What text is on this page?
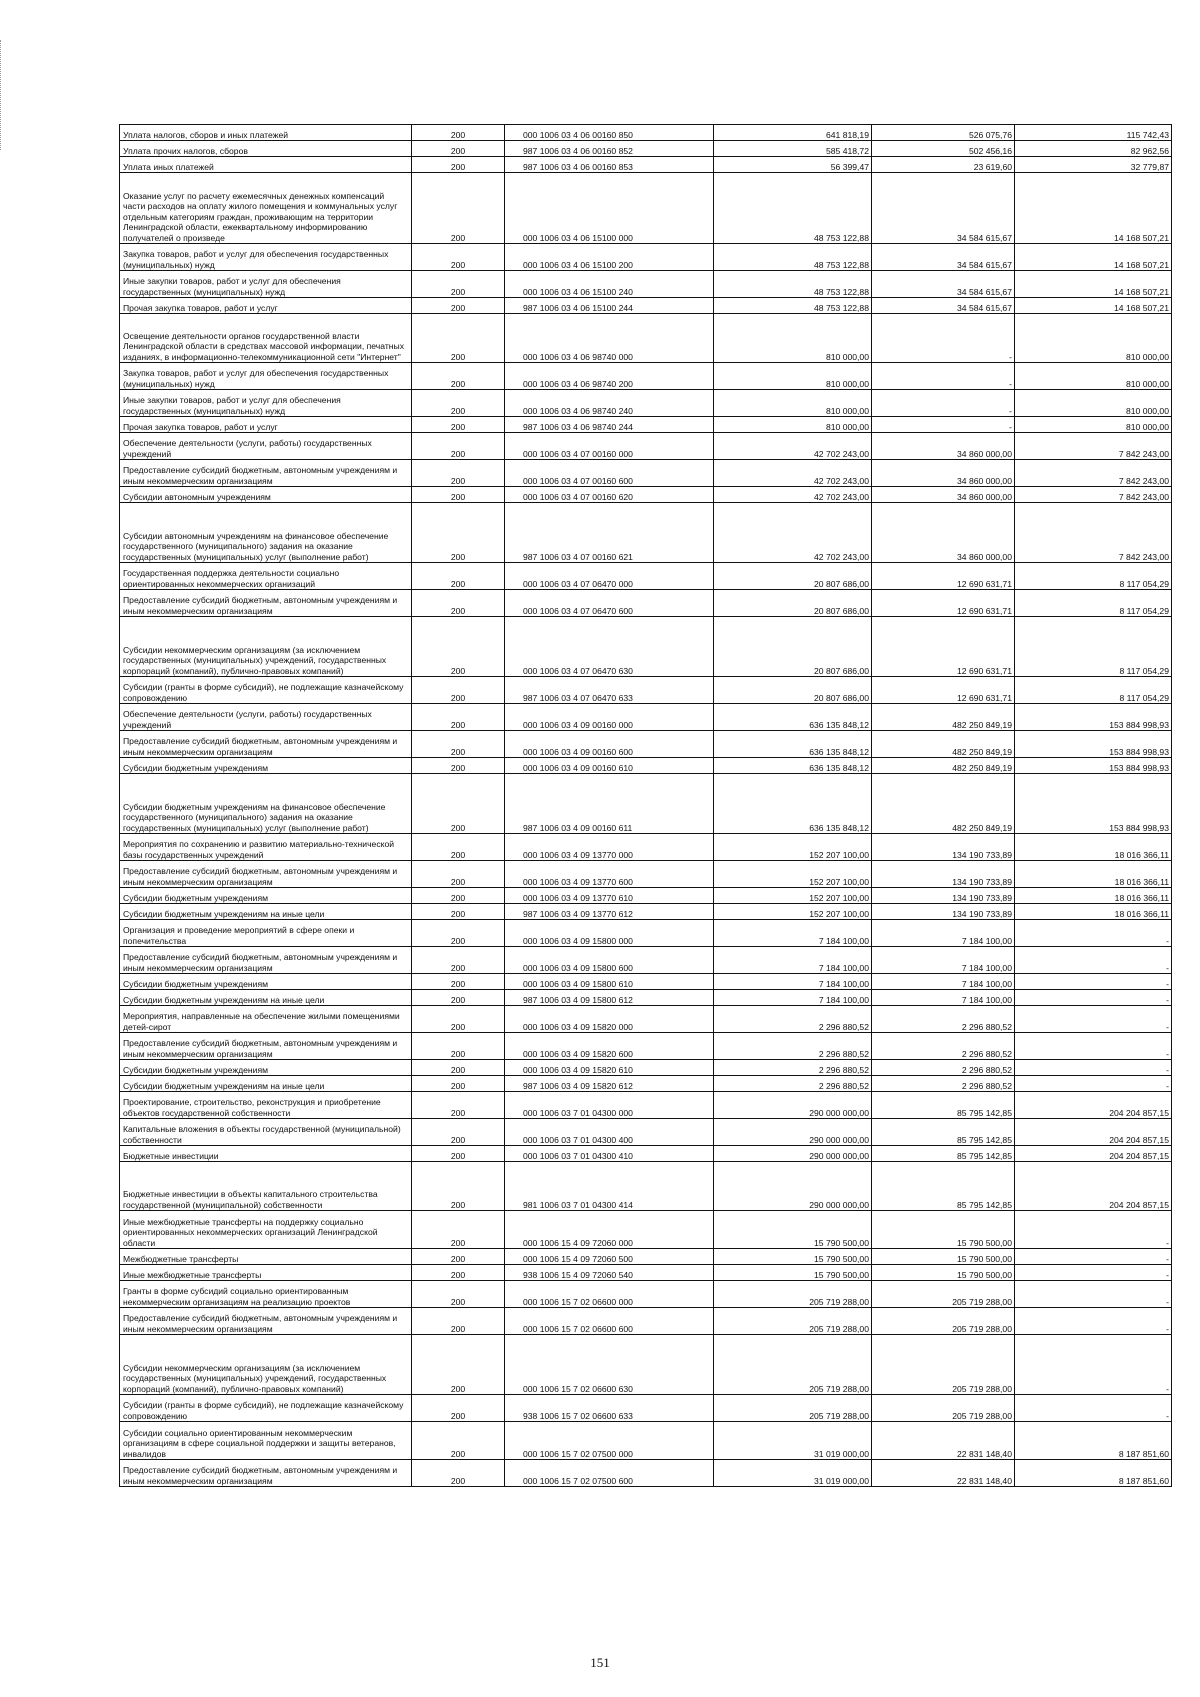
Уплата налогов, сборов и иных платежей	200	000 1006 03 4 06 00160 850	641 818,19	526 075,76	115 742,43
Уплата прочих налогов, сборов	200	987 1006 03 4 06 00160 852	585 418,72	502 456,16	82 962,56
Уплата иных платежей	200	987 1006 03 4 06 00160 853	56 399,47	23 619,60	32 779,87
Оказание услуг по расчету ежемесячных денежных компенсаций части расходов на оплату жилого помещения и коммунальных услуг отдельным категориям граждан, проживающим на территории Ленинградской области, ежеквартальному информированию получателей о произведе	200	000 1006 03 4 06 15100 000	48 753 122,88	34 584 615,67	14 168 507,21
Закупка товаров, работ и услуг для обеспечения государственных (муниципальных) нужд	200	000 1006 03 4 06 15100 200	48 753 122,88	34 584 615,67	14 168 507,21
Иные закупки товаров, работ и услуг для обеспечения государственных (муниципальных) нужд	200	000 1006 03 4 06 15100 240	48 753 122,88	34 584 615,67	14 168 507,21
Прочая закупка товаров, работ и услуг	200	987 1006 03 4 06 15100 244	48 753 122,88	34 584 615,67	14 168 507,21
Освещение деятельности органов государственной власти Ленинградской области в средствах массовой информации, печатных изданиях, в информационно-телекоммуникационной сети "Интернет"	200	000 1006 03 4 06 98740 000	810 000,00	-	810 000,00
Закупка товаров, работ и услуг для обеспечения государственных (муниципальных) нужд	200	000 1006 03 4 06 98740 200	810 000,00	-	810 000,00
Иные закупки товаров, работ и услуг для обеспечения государственных (муниципальных) нужд	200	000 1006 03 4 06 98740 240	810 000,00	-	810 000,00
Прочая закупка товаров, работ и услуг	200	987 1006 03 4 06 98740 244	810 000,00	-	810 000,00
Обеспечение деятельности (услуги, работы) государственных учреждений	200	000 1006 03 4 07 00160 000	42 702 243,00	34 860 000,00	7 842 243,00
Предоставление субсидий бюджетным, автономным учреждениям и иным некоммерческим организациям	200	000 1006 03 4 07 00160 600	42 702 243,00	34 860 000,00	7 842 243,00
Субсидии автономным учреждениям	200	000 1006 03 4 07 00160 620	42 702 243,00	34 860 000,00	7 842 243,00
Субсидии автономным учреждениям на финансовое обеспечение государственного (муниципального) задания на оказание государственных (муниципальных) услуг (выполнение работ)	200	987 1006 03 4 07 00160 621	42 702 243,00	34 860 000,00	7 842 243,00
Государственная поддержка деятельности социально ориентированных некоммерческих организаций	200	000 1006 03 4 07 06470 000	20 807 686,00	12 690 631,71	8 117 054,29
Предоставление субсидий бюджетным, автономным учреждениям и иным некоммерческим организациям	200	000 1006 03 4 07 06470 600	20 807 686,00	12 690 631,71	8 117 054,29
Субсидии некоммерческим организациям (за исключением государственных (муниципальных) учреждений, государственных корпораций (компаний), публично-правовых компаний)	200	000 1006 03 4 07 06470 630	20 807 686,00	12 690 631,71	8 117 054,29
Субсидии (гранты в форме субсидий), не подлежащие казначейскому сопровождению	200	987 1006 03 4 07 06470 633	20 807 686,00	12 690 631,71	8 117 054,29
Обеспечение деятельности (услуги, работы) государственных учреждений	200	000 1006 03 4 09 00160 000	636 135 848,12	482 250 849,19	153 884 998,93
Предоставление субсидий бюджетным, автономным учреждениям и иным некоммерческим организациям	200	000 1006 03 4 09 00160 600	636 135 848,12	482 250 849,19	153 884 998,93
Субсидии бюджетным учреждениям	200	000 1006 03 4 09 00160 610	636 135 848,12	482 250 849,19	153 884 998,93
Субсидии бюджетным учреждениям на финансовое обеспечение государственного (муниципального) задания на оказание государственных (муниципальных) услуг (выполнение работ)	200	987 1006 03 4 09 00160 611	636 135 848,12	482 250 849,19	153 884 998,93
Мероприятия по сохранению и развитию материально-технической базы государственных учреждений	200	000 1006 03 4 09 13770 000	152 207 100,00	134 190 733,89	18 016 366,11
Предоставление субсидий бюджетным, автономным учреждениям и иным некоммерческим организациям	200	000 1006 03 4 09 13770 600	152 207 100,00	134 190 733,89	18 016 366,11
Субсидии бюджетным учреждениям	200	000 1006 03 4 09 13770 610	152 207 100,00	134 190 733,89	18 016 366,11
Субсидии бюджетным учреждениям на иные цели	200	987 1006 03 4 09 13770 612	152 207 100,00	134 190 733,89	18 016 366,11
Организация и проведение мероприятий в сфере опеки и попечительства	200	000 1006 03 4 09 15800 000	7 184 100,00	7 184 100,00	-
Предоставление субсидий бюджетным, автономным учреждениям и иным некоммерческим организациям	200	000 1006 03 4 09 15800 600	7 184 100,00	7 184 100,00	-
Субсидии бюджетным учреждениям	200	000 1006 03 4 09 15800 610	7 184 100,00	7 184 100,00	-
Субсидии бюджетным учреждениям на иные цели	200	987 1006 03 4 09 15800 612	7 184 100,00	7 184 100,00	-
Мероприятия, направленные на обеспечение жилыми помещениями детей-сирот	200	000 1006 03 4 09 15820 000	2 296 880,52	2 296 880,52	-
Предоставление субсидий бюджетным, автономным учреждениям и иным некоммерческим организациям	200	000 1006 03 4 09 15820 600	2 296 880,52	2 296 880,52	-
Субсидии бюджетным учреждениям	200	000 1006 03 4 09 15820 610	2 296 880,52	2 296 880,52	-
Субсидии бюджетным учреждениям на иные цели	200	987 1006 03 4 09 15820 612	2 296 880,52	2 296 880,52	-
Проектирование, строительство, реконструкция и приобретение объектов государственной собственности	200	000 1006 03 7 01 04300 000	290 000 000,00	85 795 142,85	204 204 857,15
Капитальные вложения в объекты государственной (муниципальной) собственности	200	000 1006 03 7 01 04300 400	290 000 000,00	85 795 142,85	204 204 857,15
Бюджетные инвестиции	200	000 1006 03 7 01 04300 410	290 000 000,00	85 795 142,85	204 204 857,15
Бюджетные инвестиции в объекты капитального строительства государственной (муниципальной) собственности	200	981 1006 03 7 01 04300 414	290 000 000,00	85 795 142,85	204 204 857,15
Иные межбюджетные трансферты на поддержку социально ориентированных некоммерческих организаций Ленинградской области	200	000 1006 15 4 09 72060 000	15 790 500,00	15 790 500,00	-
Межбюджетные трансферты	200	000 1006 15 4 09 72060 500	15 790 500,00	15 790 500,00	-
Иные межбюджетные трансферты	200	938 1006 15 4 09 72060 540	15 790 500,00	15 790 500,00	-
Гранты в форме субсидий социально ориентированным некоммерческим организациям на реализацию проектов	200	000 1006 15 7 02 06600 000	205 719 288,00	205 719 288,00	-
Предоставление субсидий бюджетным, автономным учреждениям и иным некоммерческим организациям	200	000 1006 15 7 02 06600 600	205 719 288,00	205 719 288,00	-
Субсидии некоммерческим организациям (за исключением государственных (муниципальных) учреждений, государственных корпораций (компаний), публично-правовых компаний)	200	000 1006 15 7 02 06600 630	205 719 288,00	205 719 288,00	-
Субсидии (гранты в форме субсидий), не подлежащие казначейскому сопровождению	200	938 1006 15 7 02 06600 633	205 719 288,00	205 719 288,00	-
Субсидии социально ориентированным некоммерческим организациям в сфере социальной поддержки и защиты ветеранов, инвалидов	200	000 1006 15 7 02 07500 000	31 019 000,00	22 831 148,40	8 187 851,60
Предоставление субсидий бюджетным, автономным учреждениям и иным некоммерческим организациям	200	000 1006 15 7 02 07500 600	31 019 000,00	22 831 148,40	8 187 851,60
151
